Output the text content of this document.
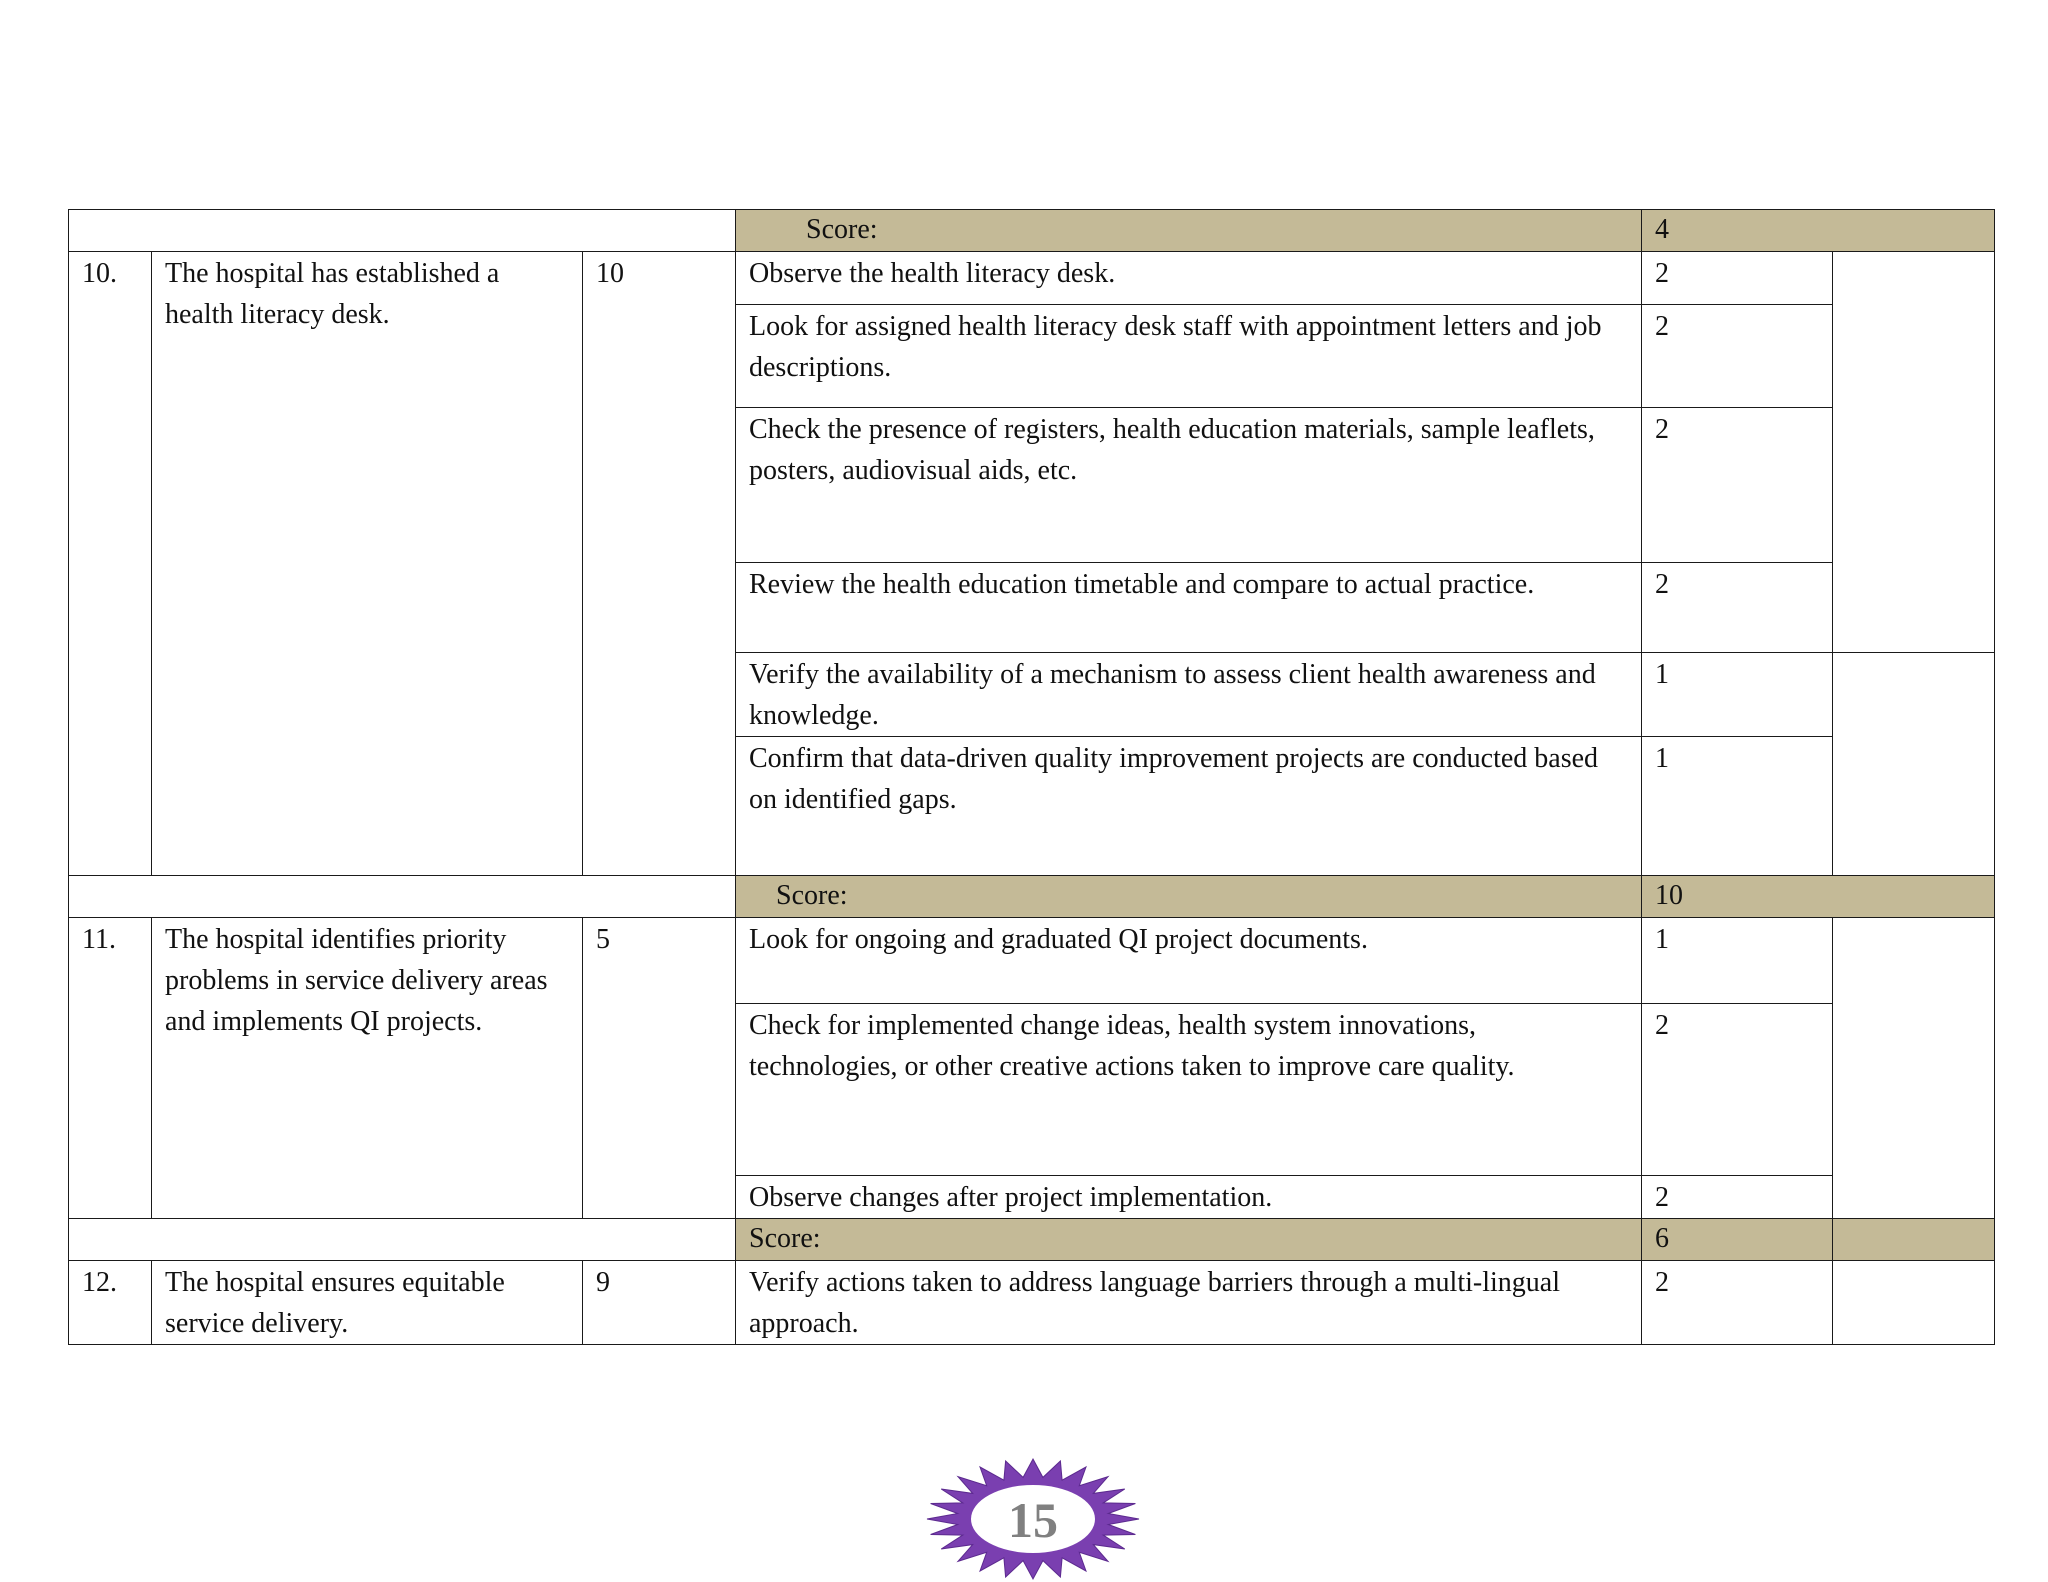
			Score:	4	
10.	The hospital has established a health literacy desk.	10	Observe the health literacy desk.	2	
			Look for assigned health literacy desk staff with appointment letters and job descriptions.	2	
			Check the presence of registers, health education materials, sample leaflets, posters, audiovisual aids, etc.	2	
			Review the health education timetable and compare to actual practice.	2	
			Verify the availability of a mechanism to assess client health awareness and knowledge.	1	
			Confirm that data-driven quality improvement projects are conducted based on identified gaps.	1	
			Score:	10	
11.	The hospital identifies priority problems in service delivery areas and implements QI projects.	5	Look for ongoing and graduated QI project documents.	1	
			Check for implemented change ideas, health system innovations, technologies, or other creative actions taken to improve care quality.	2	
			Observe changes after project implementation.	2	
			Score:	6	
12.	The hospital ensures equitable service delivery.	9	Verify actions taken to address language barriers through a multi-lingual approach.	2	
15
